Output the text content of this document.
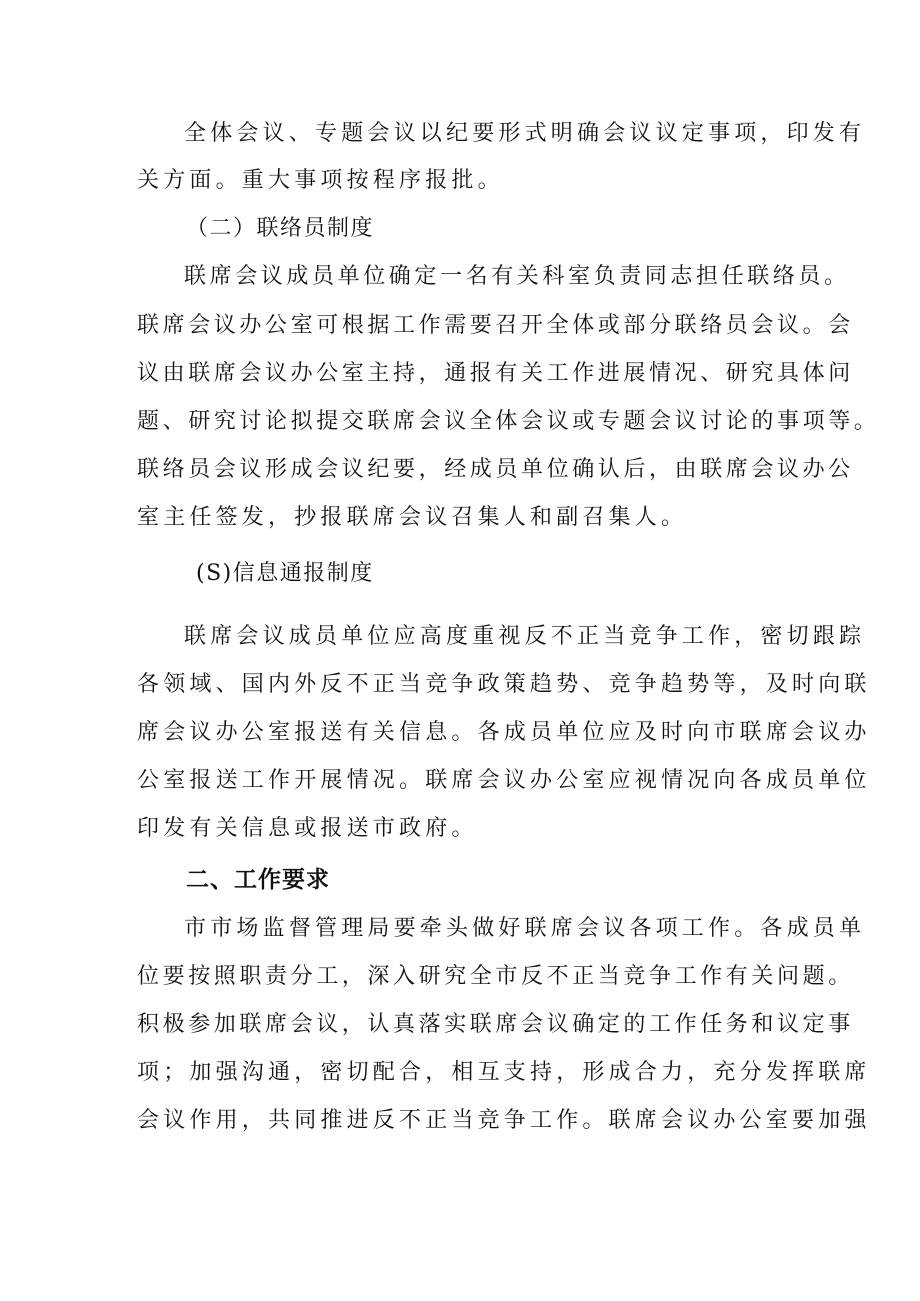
全体会议、专题会议以纪要形式明确会议议定事项，印发有
关方面。重大事项按程序报批。
（二）联络员制度
联席会议成员单位确定一名有关科室负责同志担任联络员。
联席会议办公室可根据工作需要召开全体或部分联络员会议。会
议由联席会议办公室主持，通报有关工作进展情况、研究具体问
题、研究讨论拟提交联席会议全体会议或专题会议讨论的事项等。
联络员会议形成会议纪要，经成员单位确认后，由联席会议办公
室主任签发，抄报联席会议召集人和副召集人。
(S)信息通报制度
联席会议成员单位应高度重视反不正当竞争工作，密切跟踪
各领域、国内外反不正当竞争政策趋势、竞争趋势等，及时向联
席会议办公室报送有关信息。各成员单位应及时向市联席会议办
公室报送工作开展情况。联席会议办公室应视情况向各成员单位
印发有关信息或报送市政府。
二、工作要求
市市场监督管理局要牵头做好联席会议各项工作。各成员单
位要按照职责分工，深入研究全市反不正当竞争工作有关问题。
积极参加联席会议，认真落实联席会议确定的工作任务和议定事
项；加强沟通，密切配合，相互支持，形成合力，充分发挥联席
会议作用，共同推进反不正当竞争工作。联席会议办公室要加强
